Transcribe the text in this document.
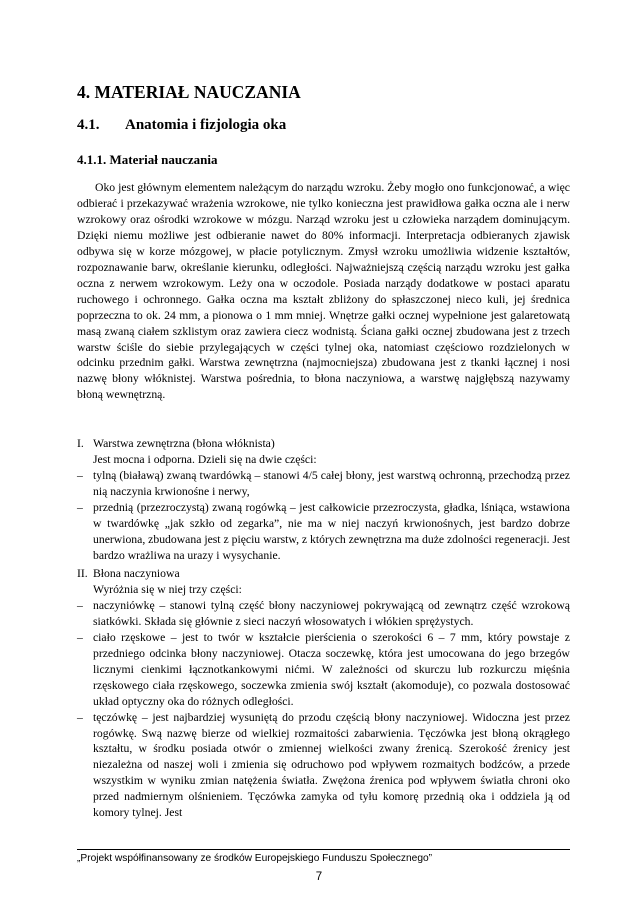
4. MATERIAŁ NAUCZANIA
4.1. Anatomia i fizjologia oka
4.1.1. Materiał nauczania

Oko jest głównym elementem należącym do narządu wzroku. Żeby mogło ono funkcjonować, a więc odbierać i przekazywać wrażenia wzrokowe, nie tylko konieczna jest prawidłowa gałka oczna ale i nerw wzrokowy oraz ośrodki wzrokowe w mózgu. Narząd wzroku jest u człowieka narządem dominującym. Dzięki niemu możliwe jest odbieranie nawet do 80% informacji. Interpretacja odbieranych zjawisk odbywa się w korze mózgowej, w płacie potylicznym. Zmysł wzroku umożliwia widzenie kształtów, rozpoznawanie barw, określanie kierunku, odległości. Najważniejszą częścią narządu wzroku jest gałka oczna z nerwem wzrokowym. Leży ona w oczodole. Posiada narządy dodatkowe w postaci aparatu ruchowego i ochronnego. Gałka oczna ma kształt zbliżony do spłaszczonej nieco kuli, jej średnica poprzeczna to ok. 24 mm, a pionowa o 1 mm mniej. Wnętrze gałki ocznej wypełnione jest galaretowatą masą zwaną ciałem szklistym oraz zawiera ciecz wodnistą. Ściana gałki ocznej zbudowana jest z trzech warstw ściśle do siebie przylegających w części tylnej oka, natomiast częściowo rozdzielonych w odcinku przednim gałki. Warstwa zewnętrzna (najmocniejsza) zbudowana jest z tkanki łącznej i nosi nazwę błony włóknistej. Warstwa pośrednia, to błona naczyniowa, a warstwę najgłębszą nazywamy błoną wewnętrzną.

I. Warstwa zewnętrzna (błona włóknista)
Jest mocna i odporna. Dzieli się na dwie części:
– tylną (białawą) zwaną twardówką – stanowi 4/5 całej błony, jest warstwą ochronną, przechodzą przez nią naczynia krwionośne i nerwy,
– przednią (przezroczystą) zwaną rogówką – jest całkowicie przezroczysta, gładka, lśniąca, wstawiona w twardówkę „jak szkło od zegarka”, nie ma w niej naczyń krwionośnych, jest bardzo dobrze unerwiona, zbudowana jest z pięciu warstw, z których zewnętrzna ma duże zdolności regeneracji. Jest bardzo wrażliwa na urazy i wysychanie.
II. Błona naczyniowa
Wyróżnia się w niej trzy części:
– naczyniówkę – stanowi tylną część błony naczyniowej pokrywającą od zewnątrz część wzrokową siatkówki. Składa się głównie z sieci naczyń włosowatych i włókien sprężystych.
– ciało rzęskowe – jest to twór w kształcie pierścienia o szerokości 6 – 7 mm, który powstaje z przedniego odcinka błony naczyniowej. Otacza soczewkę, która jest umocowana do jego brzegów licznymi cienkimi łącznotkankowymi nićmi. W zależności od skurczu lub rozkurczu mięśnia rzęskowego ciała rzęskowego, soczewka zmienia swój kształt (akomoduje), co pozwala dostosować układ optyczny oka do różnych odległości.
– tęczówkę – jest najbardziej wysuniętą do przodu częścią błony naczyniowej. Widoczna jest przez rogówkę. Swą nazwę bierze od wielkiej rozmaitości zabarwienia. Tęczówka jest błoną okrągłego kształtu, w środku posiada otwór o zmiennej wielkości zwany źrenicą. Szerokość źrenicy jest niezależna od naszej woli i zmienia się odruchowo pod wpływem rozmaitych bodźców, a przede wszystkim w wyniku zmian natężenia światła. Zwężona źrenica pod wpływem światła chroni oko przed nadmiernym olśnieniem. Tęczówka zamyka od tyłu komorę przednią oka i oddziela ją od komory tylnej. Jest
„Projekt współfinansowany ze środków Europejskiego Funduszu Społecznego”
7
